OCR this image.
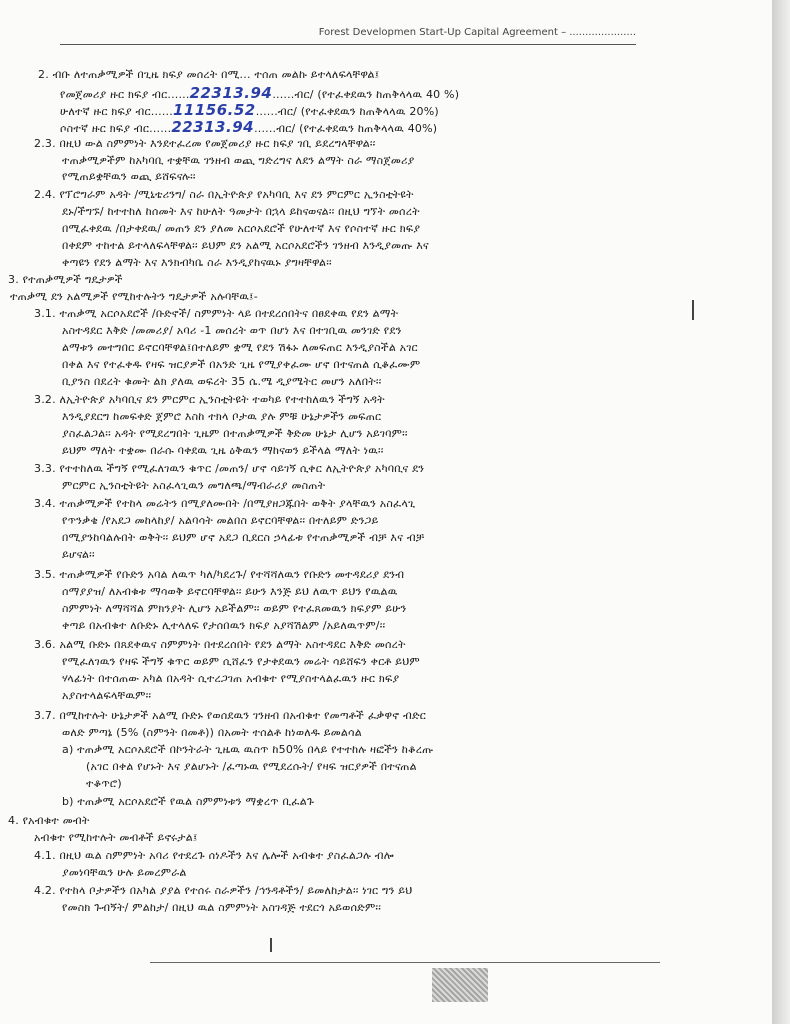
Forest Developmen Start-Up Capital Agreement – .....................
2. ብቡ ለተጠቃሚዎች በጊዜ ክፍያ መሰረት በሚ... ተሰጠ መልኩ ይተላለፍላቸዋል፤
የመጀመሪያ ዙር ክፍያ ብር......22313.94......ብር/ (የተፈቀደዉን ከጠቅላላዉ 40 %)
ሁለተኛ ዙር ክፍያ ብር......11156.52......ብር/ (የተፈቀደዉን ከጠቅላላዉ 20%)
ሶስተኛ ዙር ክፍያ ብር......22313.94......ብር/ (የተፈቀደዉን ከጠቅላላዉ 40%)
2.3. በዚህ ውል ስምምነት እንደተፈረመ የመጀመሪያ ዙር ክፍያ ገቢ ይደረግላቸዋል፡፡
ተጠቃሚዎችም ከአካባቢ ተቋቸዉ ገንዘብ ወጪ ግድረግና ለደን ልማት ስራ ማስጀመሪያ
የሚጠይቋቸዉን ወጪ ይሸፍናሉ፡፡
2.4. የፕሮግራም አዳት /ሚኒቴሪንግ/ ስራ በኢትዮጵያ የአካባቢ እና ደን ምርምር ኢንስቲትዩት
ደኑ/ችግኙ/ ከተተከለ ከሰመት እና ከሁለት ዓመታት በኋላ ይከናወናል፡፡ በዚህ ግኘት መሰረት
በሚፈቀደዉ /በታቀደዉ/ መጠን ደን ያለመ አርሶአደሮች የሁለተኛ እና የሶስተኛ ዙር ክፍያ
በቀደም ተከተል ይተላለፍላቸዋል፡፡ ይህም ደን አልሚ አርሶአደሮችን ገንዘብ እንዲያመጡ እና
ቀጣዩን የደን ልማት እና እንክብካቤ ስራ እንዲያከናዉኑ ያግዛቸዋል፡፡
3. የተጠቃሚዎች ግዴታዎች
ተጠቃሚ ደን አልሚዎች የሚከተሉትን ግዴታዎች አሉባቸዉ፤-
3.1. ተጠቃሚ አርሶአደሮች /ቡድኖች/ ስምምነት ላይ በተደረሰበትና በፀደቀዉ የደን ልማት
አስተዳደር እቅድ /መመሪያ/ አባሪ -1 መሰረት ወጥ በሆነ እና በተገቢዉ መንገድ የደን
ልማቱን መተግበር ይኖርባቸዋል፤በተለይም ቋሚ የደን ሽፋኑ ለመፍጠር እንዲያስችል አገር
በቀል እና የተፈቀዱ የዛፍ ዝርያዎች በአንድ ጊዜ የሚያቀፈሙ ሆኖ በተናጠል ሲቆፈሙም
ቢያንስ በደረት ቁመት ልክ ያለዉ ወፍረት 35 ሴ.ሜ ዲያሜትር መሆን አለበት፡፡
3.2. ለኢትዮጵያ አካባቢና ደን ምርምር ኢንስቲትዩት ተወካይ የተተከለዉን ችግኝ አዳት
እንዲያደርግ ከመፍቀድ ጀምሮ እስከ ተክላ ቦታዉ ያሉ ምቹ ሁኔታዎችን መፍጠር
ያስፈልጋል፡፡ አዳት የሚደረግበት ጊዜም በተጠቃሚዎች ቅድመ ሁኔታ ሊሆን አይገባም፡፡
ይህም ማለት ተቋሙ በራሱ ባቀደዉ ጊዜ ዕቅዉን ማከናወን ይችላል ማለት ነዉ፡፡
3.3. የተተከለዉ ችግኝ የሚፈለገዉን ቁጥር /መጠን/ ሆኖ ሳይገኝ ሲቀር ለኢትዮጵያ አካባቢና ደን
ምርምር ኢንስቲትዩት አስፈላጊዉን መግለጫ/ማብራሪያ መስጠት
3.4. ተጠቃሚዎች የተከላ መሬትን በሚያለሙበት /በሚያዘጋጁበት ወቅት ያላቸዉን አስፈላጊ
የጥንቃቄ /የአደጋ መከላከያ/ አልባሳት መልበስ ይኖርባቸዋል፡፡ በተለይም ድንጋይ
በሚያንከባልሉበት ወቅት፡፡ ይህም ሆኖ አደጋ ቢደርስ ኃላፊቱ የተጠቃሚዎች ብቻ እና ብቻ
ይሆናል፡፡
3.5. ተጠቃሚዎች የቡድን አባል ለዉጥ ካለ/ካደረጉ/ የተሻሻለዉን የቡድን መተዳደሪያ ደንብ
ሰማያያዝ/ ለአብቁቱ ማሳወቅ ይኖርባቸዋል፡፡ ይሁን እንጅ ይህ ለዉጥ ይህን የዉልዉ
ስምምነት ለማሻሻል ምክንያት ሊሆን አይችልም፡፡ ወይም የተፈጸመዉን ክፍያም ይሁን
ቀጣይ በአብቁተ ለቡድኑ ሊተላለፍ የታሰበዉን ክፍያ አያሻሽልም /አይለዉጥም/፡፡
3.6. አልሚ ቡድኑ በጸደቀዉና ስምምነት በተደረሰበት የደን ልማት አስተዳደር እቅድ መሰረት
የሚፈለገዉን የዛፍ ችግኝ ቁጥር ወይም ሲሸፈን የታቀደዉን መሬት ሳይሸፍን ቀርቶ ይህም
ሃላፊነት በተሰጠው አካል በአዳት ሲተረጋገጠ አብቁተ የሚያስተላልፈዉን ዙር ክፍያ
አያስተላልፍላቸዉም፡፡
3.7. በሚከተሉት ሁኔታዎች አልሚ ቡድኑ የወሰደዉን ገንዘብ በአብቁተ የመጣቶች ፈቃዋኖ ብድር
ወለድ ምጣኔ (5% (ስምንት በመቶ)) በአመት ተሰልቶ ከነወለዱ ይመልሳል
a) ተጠቃሚ አርሶአደሮች በኮንትራት ጊዜዉ ዉስጥ ከ50% በላይ የተተከሉ ዛፎችን ከቆረጡ
(አገር በቀል የሆኑት እና ያልሆኑት /ፈጣኑዉ የሚደረሱት/ የዛፍ ዝርያዎች በተናጠል
ተቆጥሮ)
b) ተጠቃሚ አርሶአደሮች የዉል ስምምነቱን ማቋረጥ ቢፈልጉ
4. የአብቁተ መብት
አብቁተ የሚከተሉት መብቶች ይኖሩታል፤
4.1. በዚህ ዉል ስምምነት አባሪ የተደረጉ ሰነዶችን እና ሌሎች አብቁተ ያስፈልጋሉ ብሎ
ያመነባቸዉን ሁሉ ይመረምራል
4.2. የተከላ ቦታዎችን በአካል ያያል የተሰሩ ስራዎችን /ኅንዳቶችን/ ይመለከታል፡፡ ነገር ግን ይህ
የመስክ ጉብኝት/ ምልከታ/ በዚህ ዉል ስምምነት አስገዳጅ ተደርጎ አይወሰድም፡፡
